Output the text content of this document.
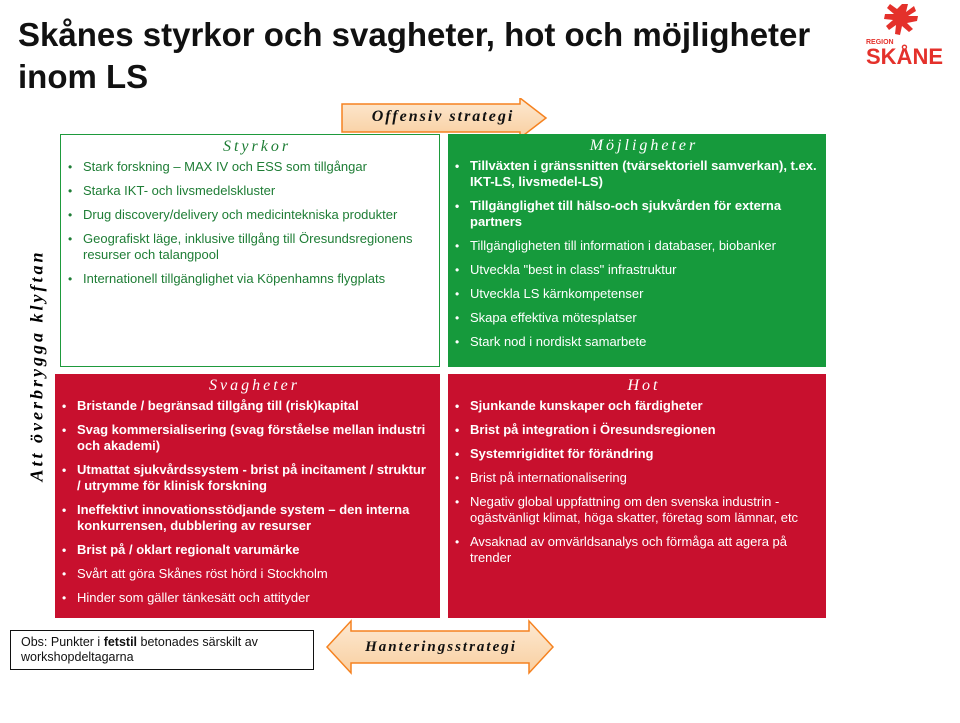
Skånes styrkor och svagheter, hot och möjligheter inom LS
REGION
SKÅNE
Att överbrygga klyftan
Offensiv strategi
Hanteringsstrategi
Styrkor
• Stark forskning – MAX IV och ESS som tillgångar
• Starka IKT- och livsmedelskluster
• Drug discovery/delivery och medicintekniska produkter
• Geografiskt läge, inklusive tillgång till Öresundsregionens resurser och talangpool
• Internationell tillgänglighet via Köpenhamns flygplats
Möjligheter
• Tillväxten i gränssnitten (tvärsektoriell samverkan), t.ex. IKT-LS, livsmedel-LS)
• Tillgänglighet till hälso-och sjukvården för externa partners
• Tillgängligheten till information i databaser, biobanker
• Utveckla "best in class" infrastruktur
• Utveckla LS kärnkompetenser
• Skapa effektiva mötesplatser
• Stark nod i nordiskt samarbete
Svagheter
• Bristande / begränsad tillgång till (risk)kapital
• Svag kommersialisering (svag förståelse mellan industri och akademi)
• Utmattat sjukvårdssystem - brist på incitament / struktur / utrymme för klinisk forskning
• Ineffektivt innovationsstödjande system – den interna konkurrensen, dubblering av resurser
• Brist på / oklart regionalt varumärke
• Svårt att göra Skånes röst hörd i Stockholm
• Hinder som gäller tänkesätt och attityder
Hot
• Sjunkande kunskaper och färdigheter
• Brist på integration i Öresundsregionen
• Systemrigiditet för förändring
• Brist på internationalisering
• Negativ global uppfattning om den svenska industrin - ogästvänligt klimat, höga skatter, företag som lämnar, etc
• Avsaknad av omvärldsanalys och förmåga att agera på trender
Obs: Punkter i fetstil betonades särskilt av workshopdeltagarna
